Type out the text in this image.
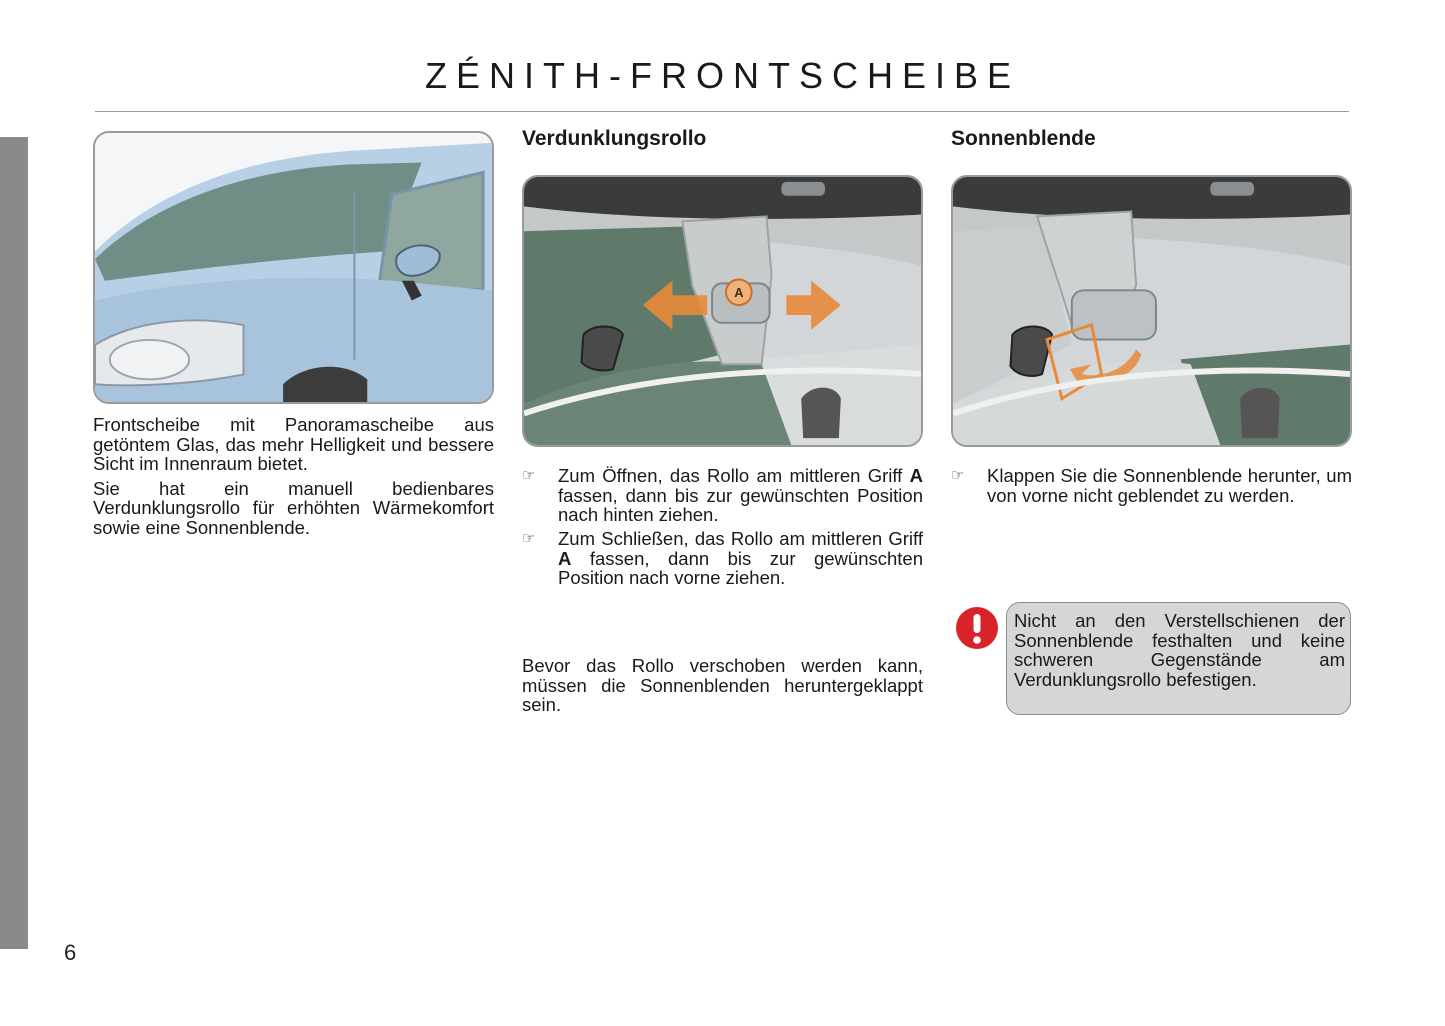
ZÉNITH-FRONTSCHEIBE

Frontscheibe mit Panoramascheibe aus getöntem Glas, das mehr Helligkeit und bessere Sicht im Innenraum bietet.

Sie hat ein manuell bedienbares Verdunklungsrollo für erhöhten Wärmekomfort sowie eine Sonnenblende.

Verdunklungsrollo
A
☞ Zum Öffnen, das Rollo am mittleren Griff A fassen, dann bis zur gewünschten Position nach hinten ziehen.
☞ Zum Schließen, das Rollo am mittleren Griff A fassen, dann bis zur gewünschten Position nach vorne ziehen.
Bevor das Rollo verschoben werden kann, müssen die Sonnenblenden heruntergeklappt sein.
Sonnenblende
☞ Klappen Sie die Sonnenblende herunter, um von vorne nicht geblendet zu werden.
Nicht an den Verstellschienen der Sonnenblende festhalten und keine schweren Gegenstände am Verdunklungsrollo befestigen.
6
